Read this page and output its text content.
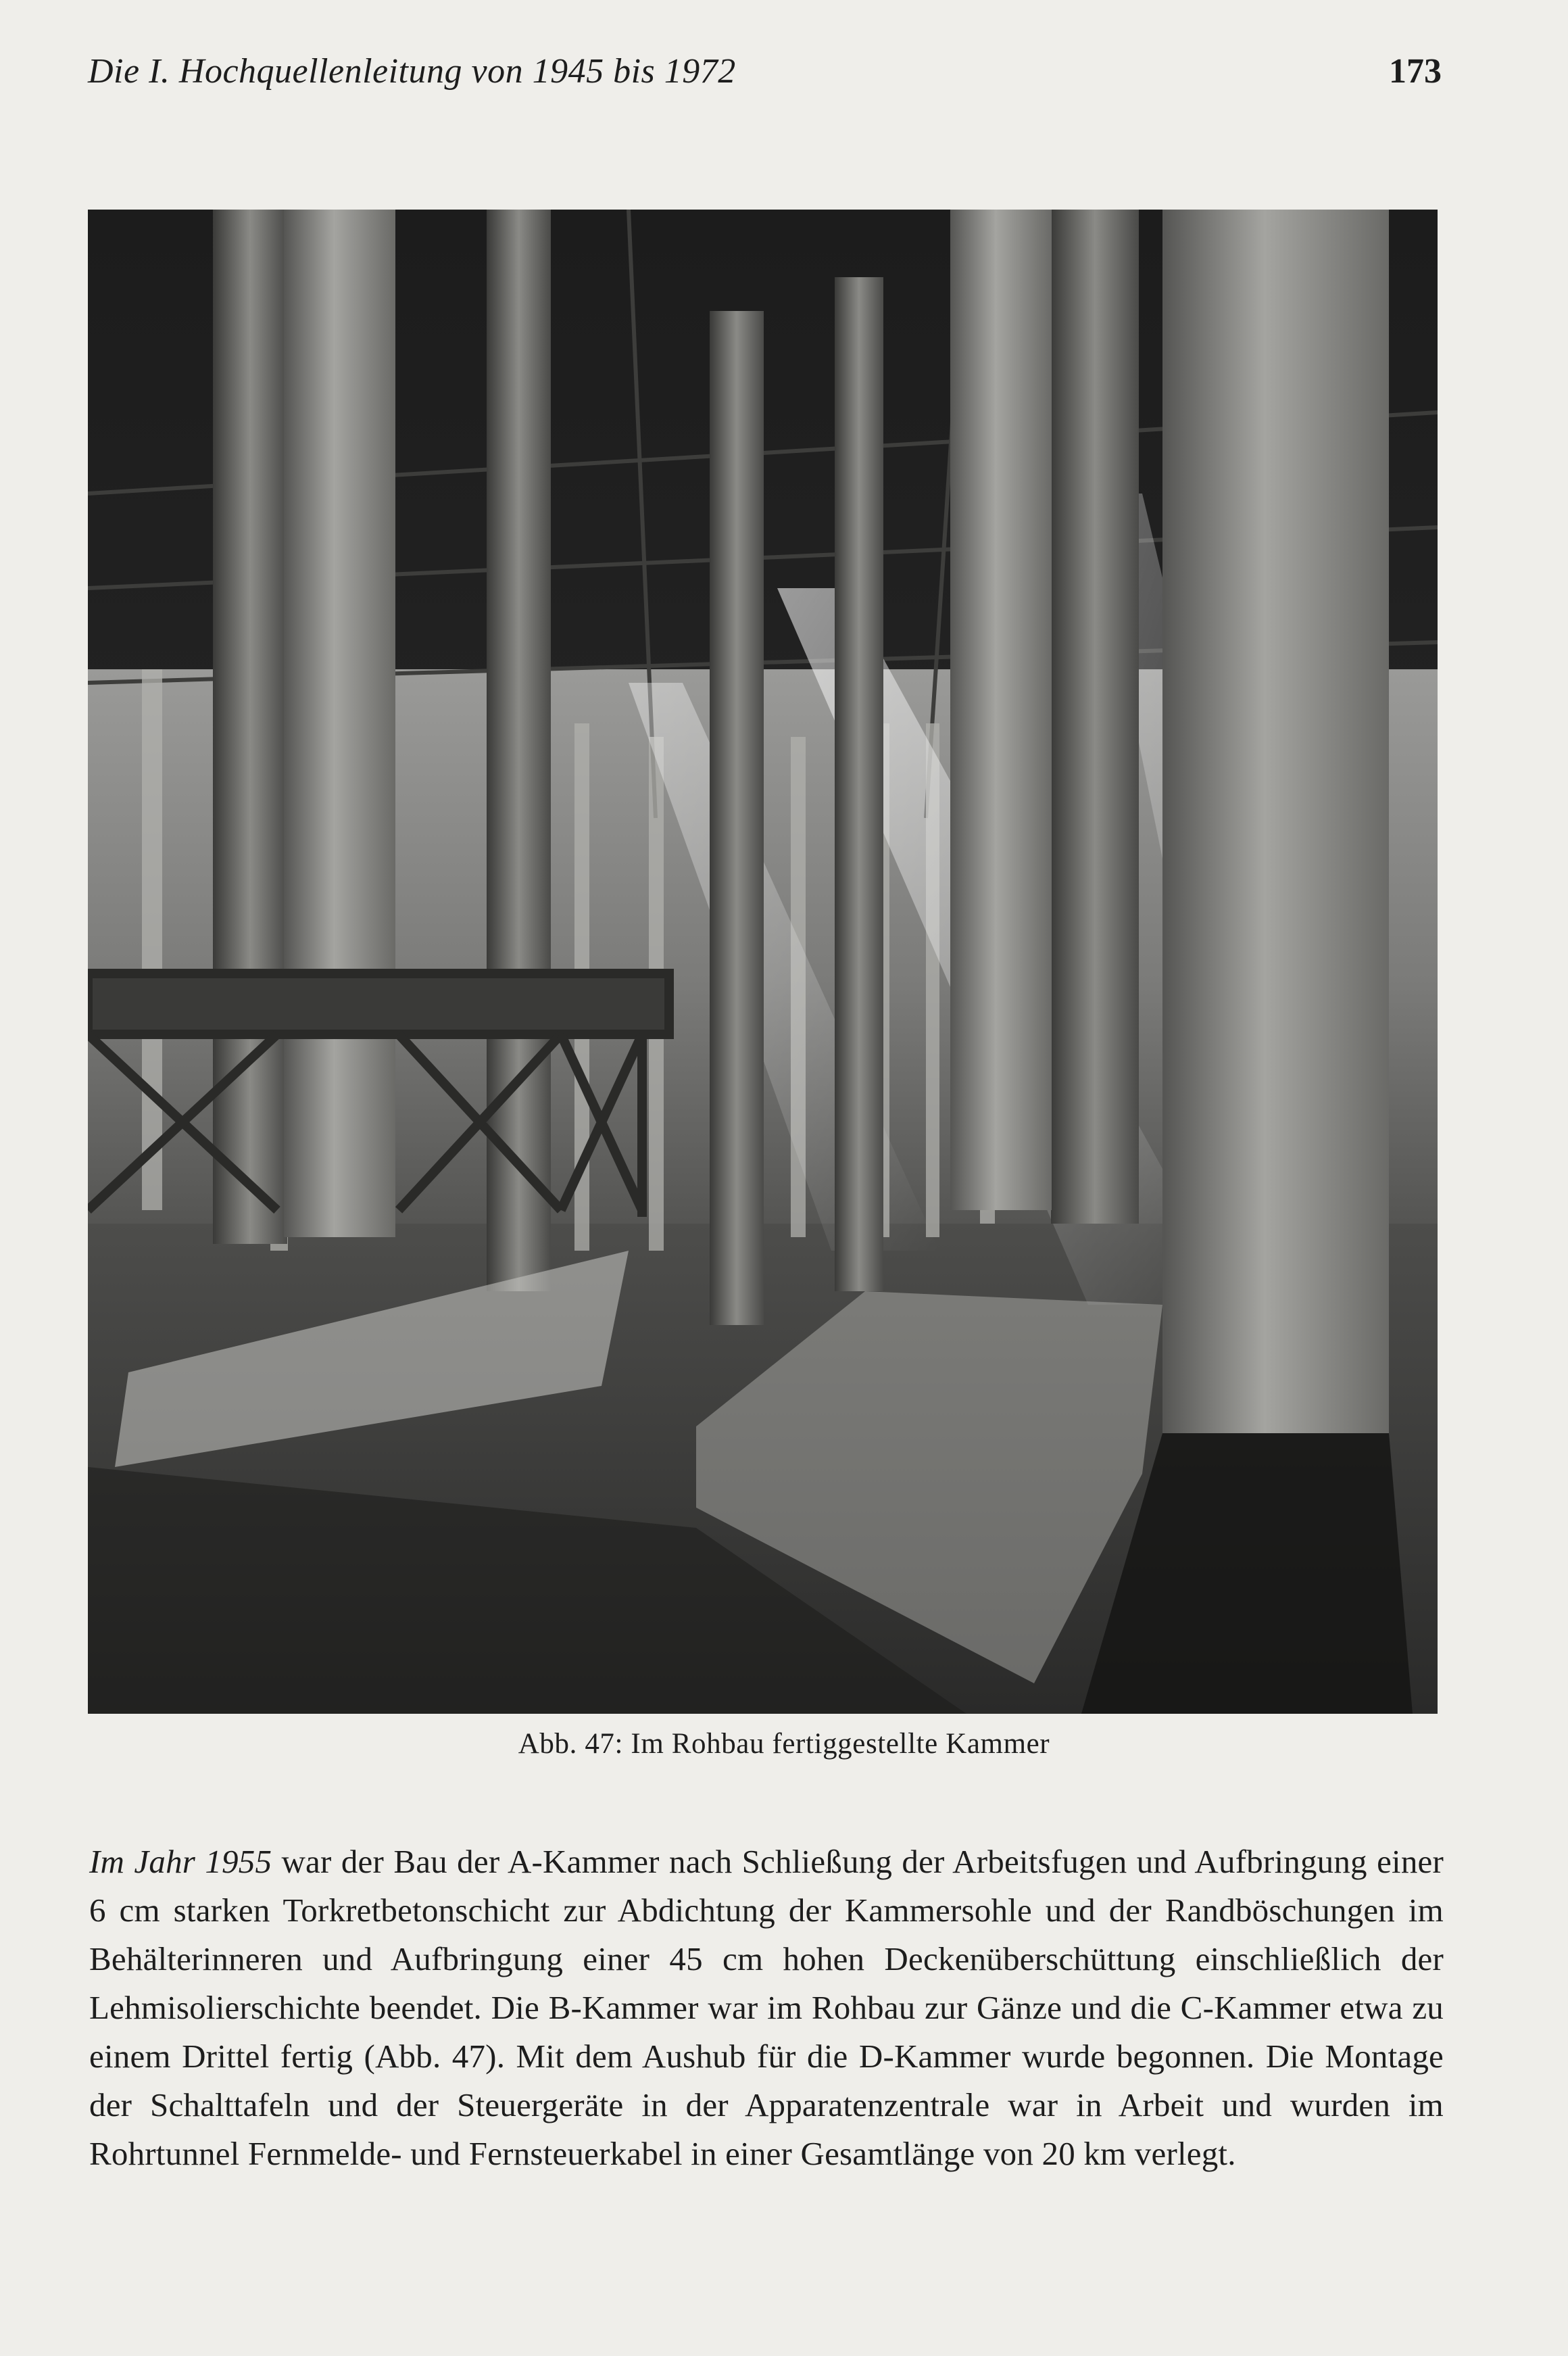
Die I. Hochquellenleitung von 1945 bis 1972	173
Abb. 47: Im Rohbau fertiggestellte Kammer
Im Jahr 1955 war der Bau der A-Kammer nach Schließung der Arbeitsfugen und Aufbringung einer 6 cm starken Torkretbetonschicht zur Abdichtung der Kammersohle und der Randböschungen im Behälterinneren und Aufbringung einer 45 cm hohen Deckenüberschüttung einschließlich der Lehmisolierschichte beendet. Die B-Kammer war im Rohbau zur Gänze und die C-Kammer etwa zu einem Drittel fertig (Abb. 47). Mit dem Aushub für die D-Kammer wurde begonnen. Die Montage der Schalttafeln und der Steuergeräte in der Apparatenzentrale war in Arbeit und wurden im Rohrtunnel Fernmelde- und Fernsteuerkabel in einer Gesamtlänge von 20 km verlegt.
